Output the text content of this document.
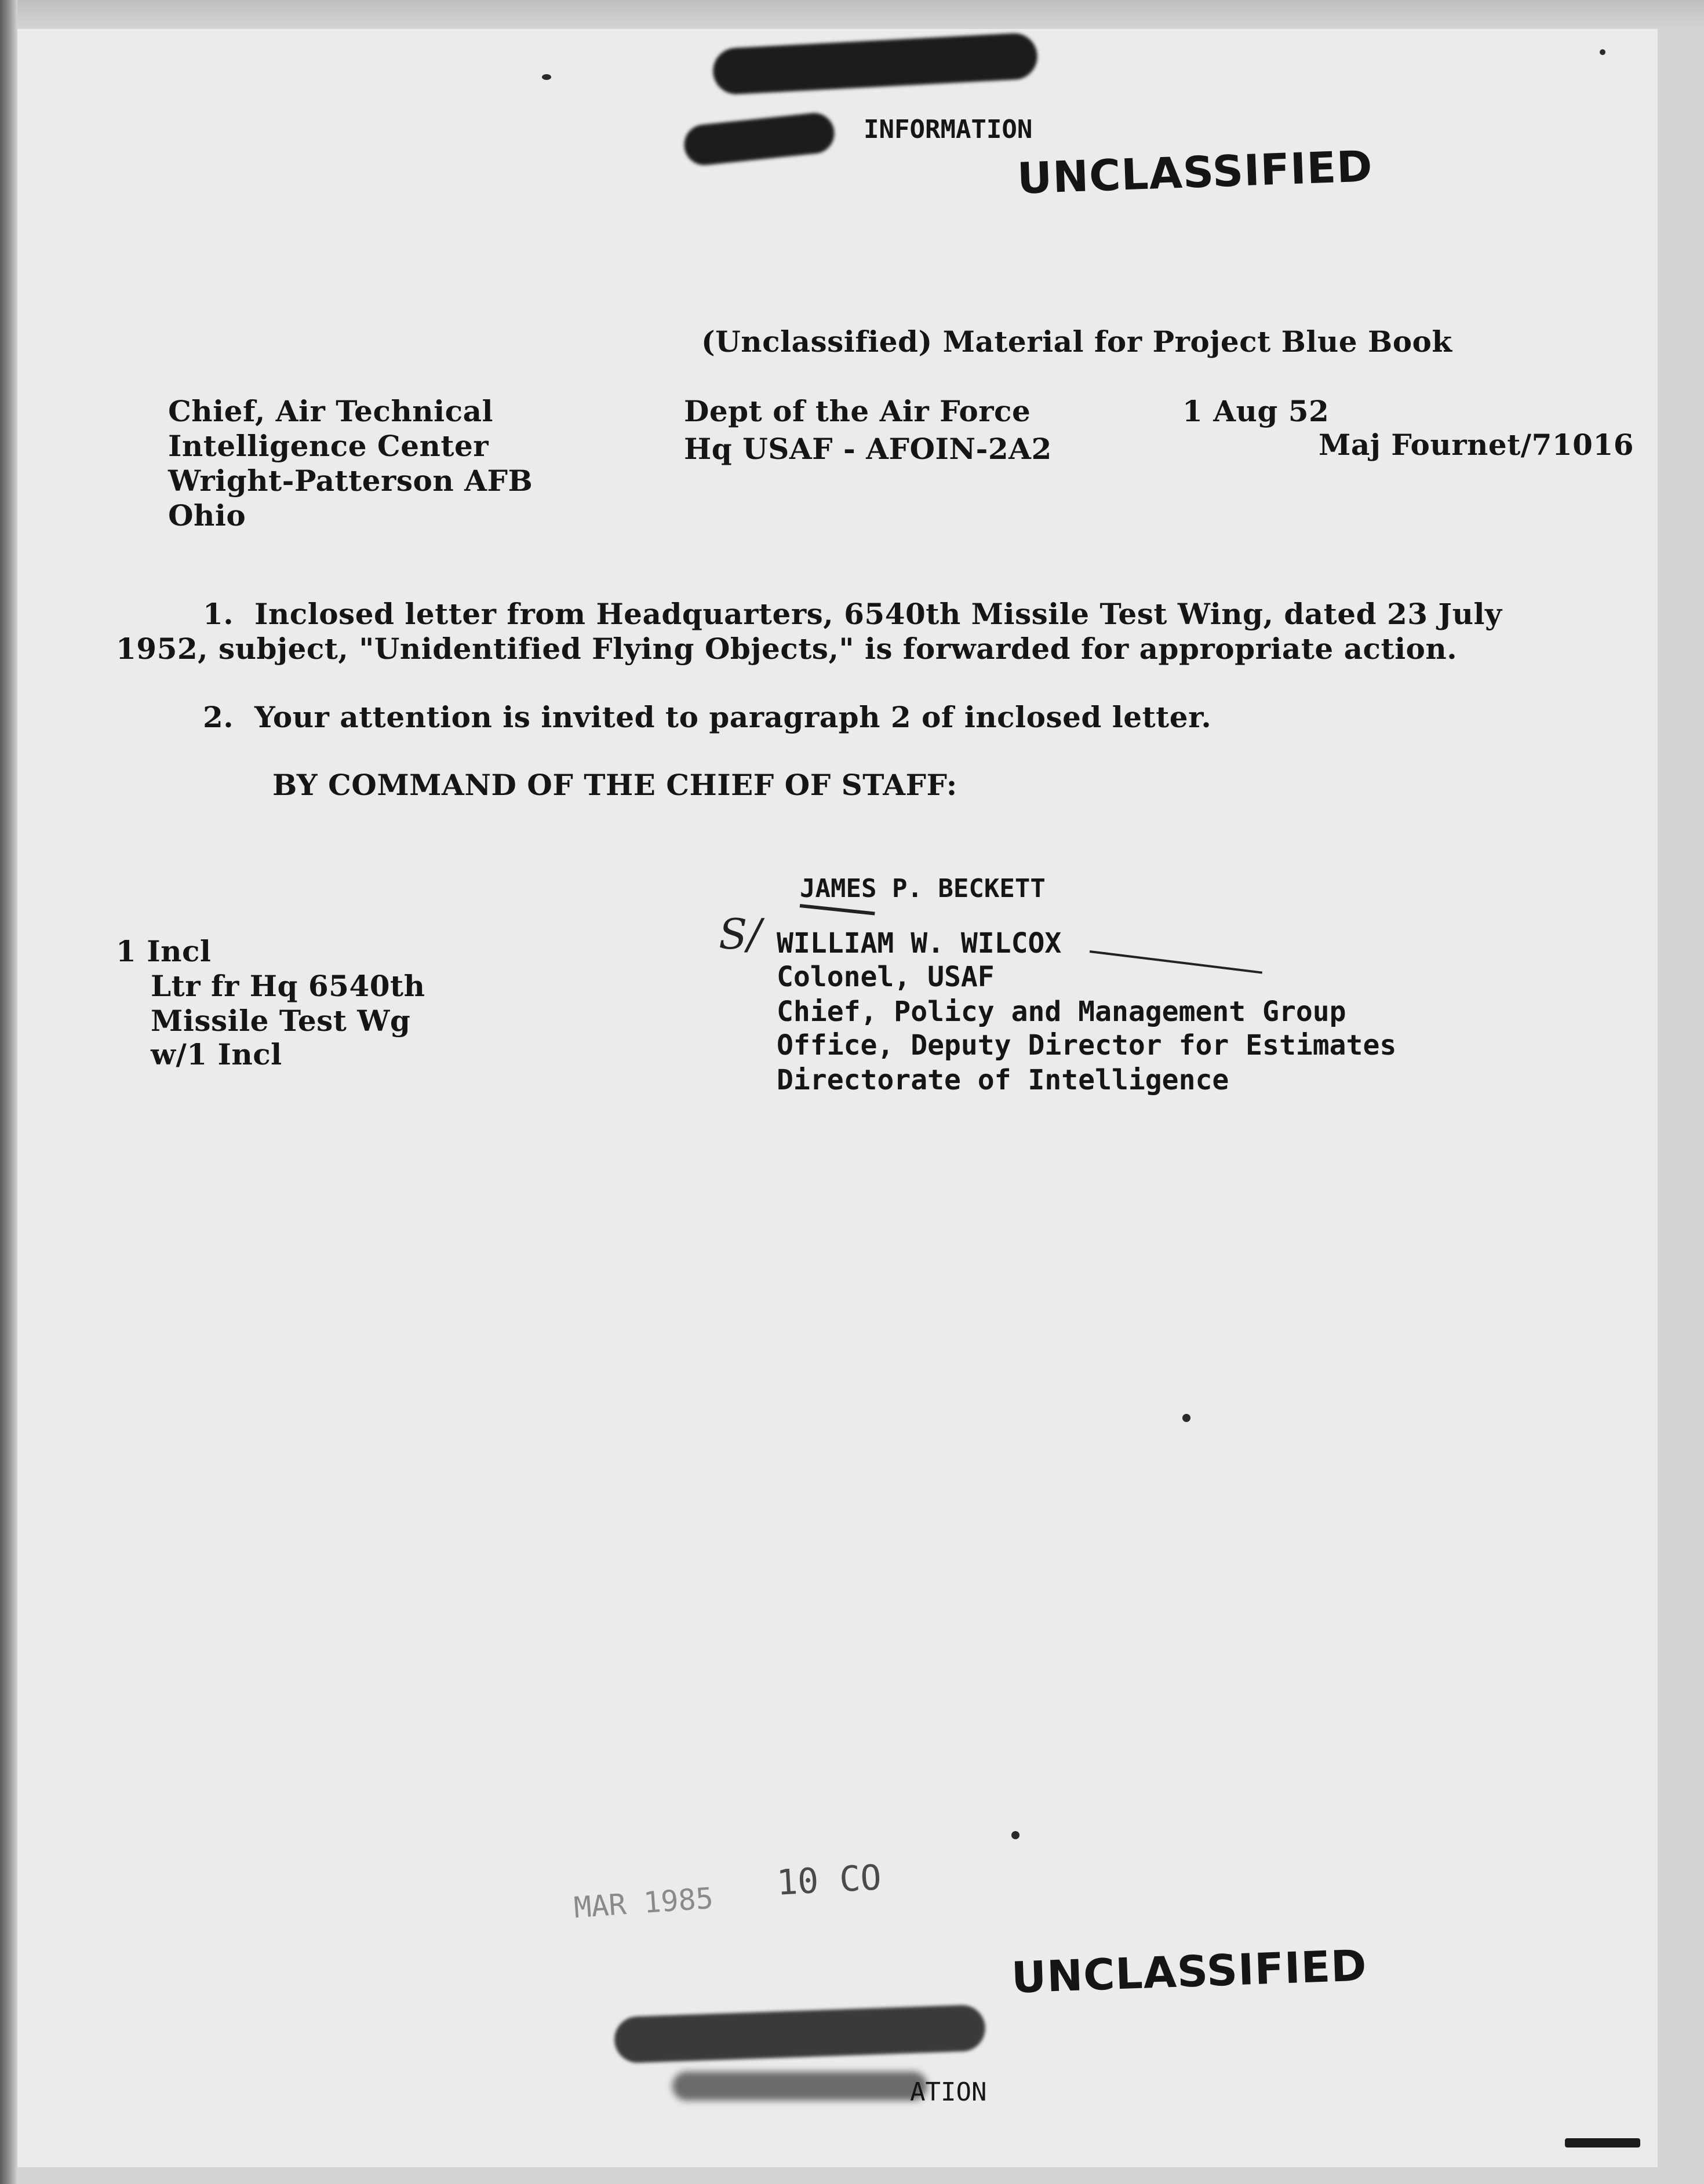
INFORMATION
UNCLASSIFIED
(Unclassified) Material for Project Blue Book
Chief, Air Technical
Intelligence Center
Wright-Patterson AFB
Ohio
Dept of the Air Force
Hq USAF - AFOIN-2A2
1 Aug 52
Maj Fournet/71016
1.  Inclosed letter from Headquarters, 6540th Missile Test Wing, dated 23 July
1952, subject, "Unidentified Flying Objects," is forwarded for appropriate action.
2.  Your attention is invited to paragraph 2 of inclosed letter.
BY COMMAND OF THE CHIEF OF STAFF:
JAMES P. BECKETT
S/ WILLIAM W. WILCOX
Colonel, USAF
Chief, Policy and Management Group
Office, Deputy Director for Estimates
Directorate of Intelligence
1 Incl
Ltr fr Hq 6540th
Missile Test Wg
w/1 Incl
MAR 1985 10 CO
UNCLASSIFIED
ATION
